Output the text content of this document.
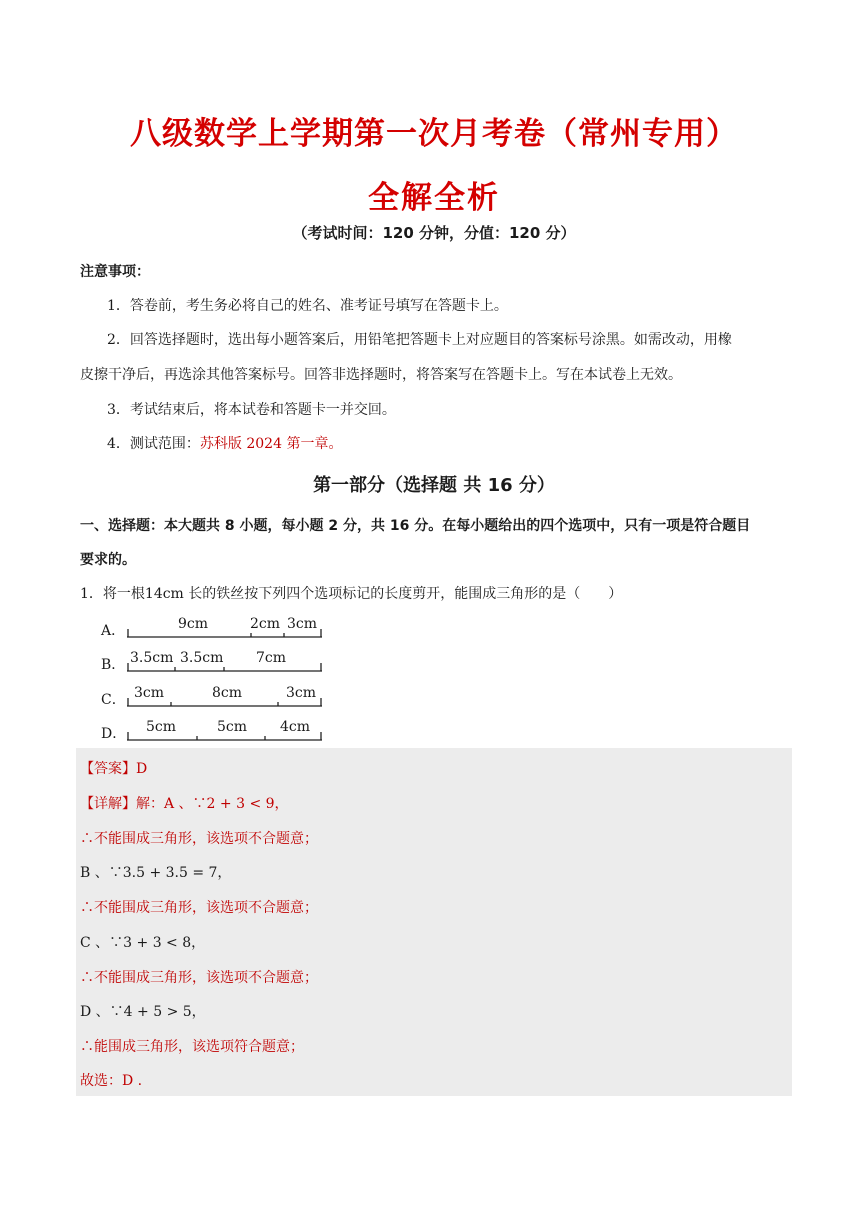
八级数学上学期第一次月考卷（常州专用）
全解全析
（考试时间：120 分钟，分值：120 分）
注意事项：
1．答卷前，考生务必将自己的姓名、准考证号填写在答题卡上。
2．回答选择题时，选出每小题答案后，用铅笔把答题卡上对应题目的答案标号涂黑。如需改动，用橡
皮擦干净后，再选涂其他答案标号。回答非选择题时，将答案写在答题卡上。写在本试卷上无效。
3．考试结束后，将本试卷和答题卡一并交回。
4．测试范围：苏科版 2024 第一章。
第一部分（选择题 共 16 分）
一、选择题：本大题共 8 小题，每小题 2 分，共 16 分。在每小题给出的四个选项中，只有一项是符合题目
要求的。
1．将一根14cm 长的铁丝按下列四个选项标记的长度剪开，能围成三角形的是（　　）
A．	9cm	2cm 3cm
B． 3.5cm 3.5cm 7cm
C． 3cm	8cm	3cm
D． 5cm	5cm 4cm
【答案】D
【详解】解：A 、∵2 + 3 < 9，
∴不能围成三角形，该选项不合题意；
B 、∵3.5 + 3.5 = 7，
∴不能围成三角形，该选项不合题意；
C 、∵3 + 3 < 8，
∴不能围成三角形，该选项不合题意；
D 、∵4 + 5 > 5，
∴能围成三角形，该选项符合题意；
故选：D .
